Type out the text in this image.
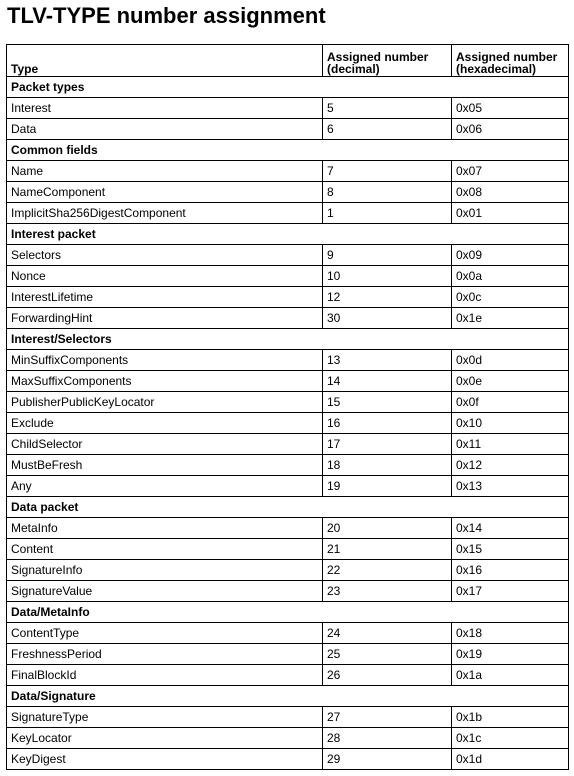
TLV-TYPE number assignment
Type	Assigned number (decimal)	Assigned number (hexadecimal)
Packet types		
Interest	5	0x05
Data	6	0x06
Common fields		
Name	7	0x07
NameComponent	8	0x08
ImplicitSha256DigestComponent	1	0x01
Interest packet		
Selectors	9	0x09
Nonce	10	0x0a
InterestLifetime	12	0x0c
ForwardingHint	30	0x1e
Interest/Selectors		
MinSuffixComponents	13	0x0d
MaxSuffixComponents	14	0x0e
PublisherPublicKeyLocator	15	0x0f
Exclude	16	0x10
ChildSelector	17	0x11
MustBeFresh	18	0x12
Any	19	0x13
Data packet		
MetaInfo	20	0x14
Content	21	0x15
SignatureInfo	22	0x16
SignatureValue	23	0x17
Data/MetaInfo		
ContentType	24	0x18
FreshnessPeriod	25	0x19
FinalBlockId	26	0x1a
Data/Signature		
SignatureType	27	0x1b
KeyLocator	28	0x1c
KeyDigest	29	0x1d
